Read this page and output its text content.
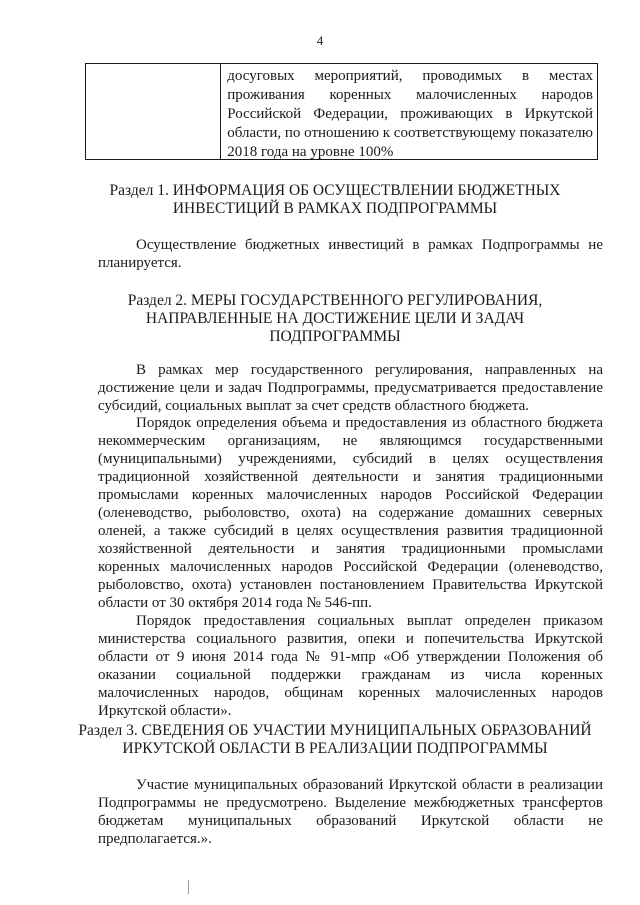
4
досуговых мероприятий, проводимых в местах
проживания коренных малочисленных народов
Российской Федерации, проживающих в Иркутской
области, по отношению к соответствующему показателю
2018 года на уровне 100%
Раздел 1. ИНФОРМАЦИЯ ОБ ОСУЩЕСТВЛЕНИИ БЮДЖЕТНЫХ
ИНВЕСТИЦИЙ В РАМКАХ ПОДПРОГРАММЫ
Осуществление бюджетных инвестиций в рамках Подпрограммы не
планируется.
Раздел 2. МЕРЫ ГОСУДАРСТВЕННОГО РЕГУЛИРОВАНИЯ,
НАПРАВЛЕННЫЕ НА ДОСТИЖЕНИЕ ЦЕЛИ И ЗАДАЧ
ПОДПРОГРАММЫ
В рамках мер государственного регулирования, направленных на
достижение цели и задач Подпрограммы, предусматривается предоставление
субсидий, социальных выплат за счет средств областного бюджета.
Порядок определения объема и предоставления из областного бюджета
некоммерческим организациям, не являющимся государственными
(муниципальными) учреждениями, субсидий в целях осуществления
традиционной хозяйственной деятельности и занятия традиционными
промыслами коренных малочисленных народов Российской Федерации
(оленеводство, рыболовство, охота) на содержание домашних северных
оленей, а также субсидий в целях осуществления развития традиционной
хозяйственной деятельности и занятия традиционными промыслами
коренных малочисленных народов Российской Федерации (оленеводство,
рыболовство, охота) установлен постановлением Правительства Иркутской
области от 30 октября 2014 года № 546-пп.
Порядок предоставления социальных выплат определен приказом
министерства социального развития, опеки и попечительства Иркутской
области от 9 июня 2014 года № 91-мпр «Об утверждении Положения об
оказании социальной поддержки гражданам из числа коренных
малочисленных народов, общинам коренных малочисленных народов
Иркутской области».
Раздел 3. СВЕДЕНИЯ ОБ УЧАСТИИ МУНИЦИПАЛЬНЫХ ОБРАЗОВАНИЙ
ИРКУТСКОЙ ОБЛАСТИ В РЕАЛИЗАЦИИ ПОДПРОГРАММЫ
Участие муниципальных образований Иркутской области в реализации
Подпрограммы не предусмотрено. Выделение межбюджетных трансфертов
бюджетам муниципальных образований Иркутской области не
предполагается.».
